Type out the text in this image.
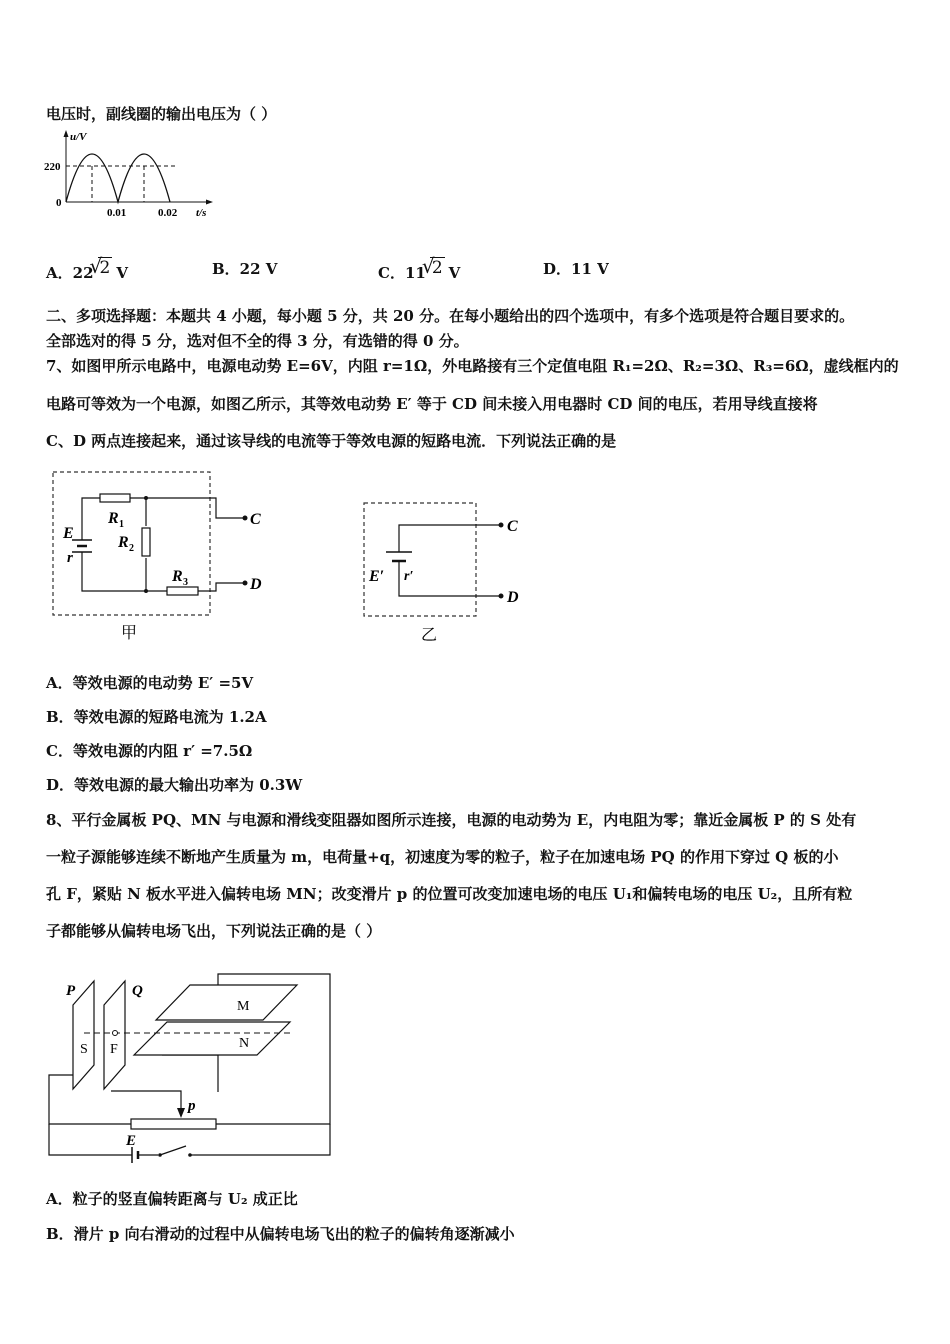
电压时，副线圈的输出电压为（ ）
u/V
220
0
0.01	0.02 t/s
A．22
√
2 V	B．22 V	C．11
√
2 V	D．11 V
二、多项选择题：本题共 4 小题，每小题 5 分，共 20 分。在每小题给出的四个选项中，有多个选项是符合题目要求的。
全部选对的得 5 分，选对但不全的得 3 分，有选错的得 0 分。
7、如图甲所示电路中，电源电动势 E=6V，内阻 r=1Ω，外电路接有三个定值电阻 R₁=2Ω、R₂=3Ω、R₃=6Ω，虚线框内的
电路可等效为一个电源，如图乙所示，其等效电动势 E′ 等于 CD 间未接入用电器时 CD 间的电压，若用导线直接将
C、D 两点连接起来，通过该导线的电流等于等效电源的短路电流．下列说法正确的是
E
r
R 1
R 2
R 3
C
D
甲
E′ r′
C
D
乙
A．等效电源的电动势 E′ =5V
B．等效电源的短路电流为 1.2A
C．等效电源的内阻 r′ =7.5Ω
D．等效电源的最大输出功率为 0.3W
8、平行金属板 PQ、MN 与电源和滑线变阻器如图所示连接，电源的电动势为 E，内电阻为零；靠近金属板 P 的 S 处有
一粒子源能够连续不断地产生质量为 m，电荷量+q，初速度为零的粒子，粒子在加速电场 PQ 的作用下穿过 Q 板的小
孔 F，紧贴 N 板水平进入偏转电场 MN；改变滑片 p 的位置可改变加速电场的电压 U₁和偏转电场的电压 U₂，且所有粒
子都能够从偏转电场飞出，下列说法正确的是（ ）
P	Q
S F
M
N
p
E
A．粒子的竖直偏转距离与 U₂ 成正比
B．滑片 p 向右滑动的过程中从偏转电场飞出的粒子的偏转角逐渐减小
